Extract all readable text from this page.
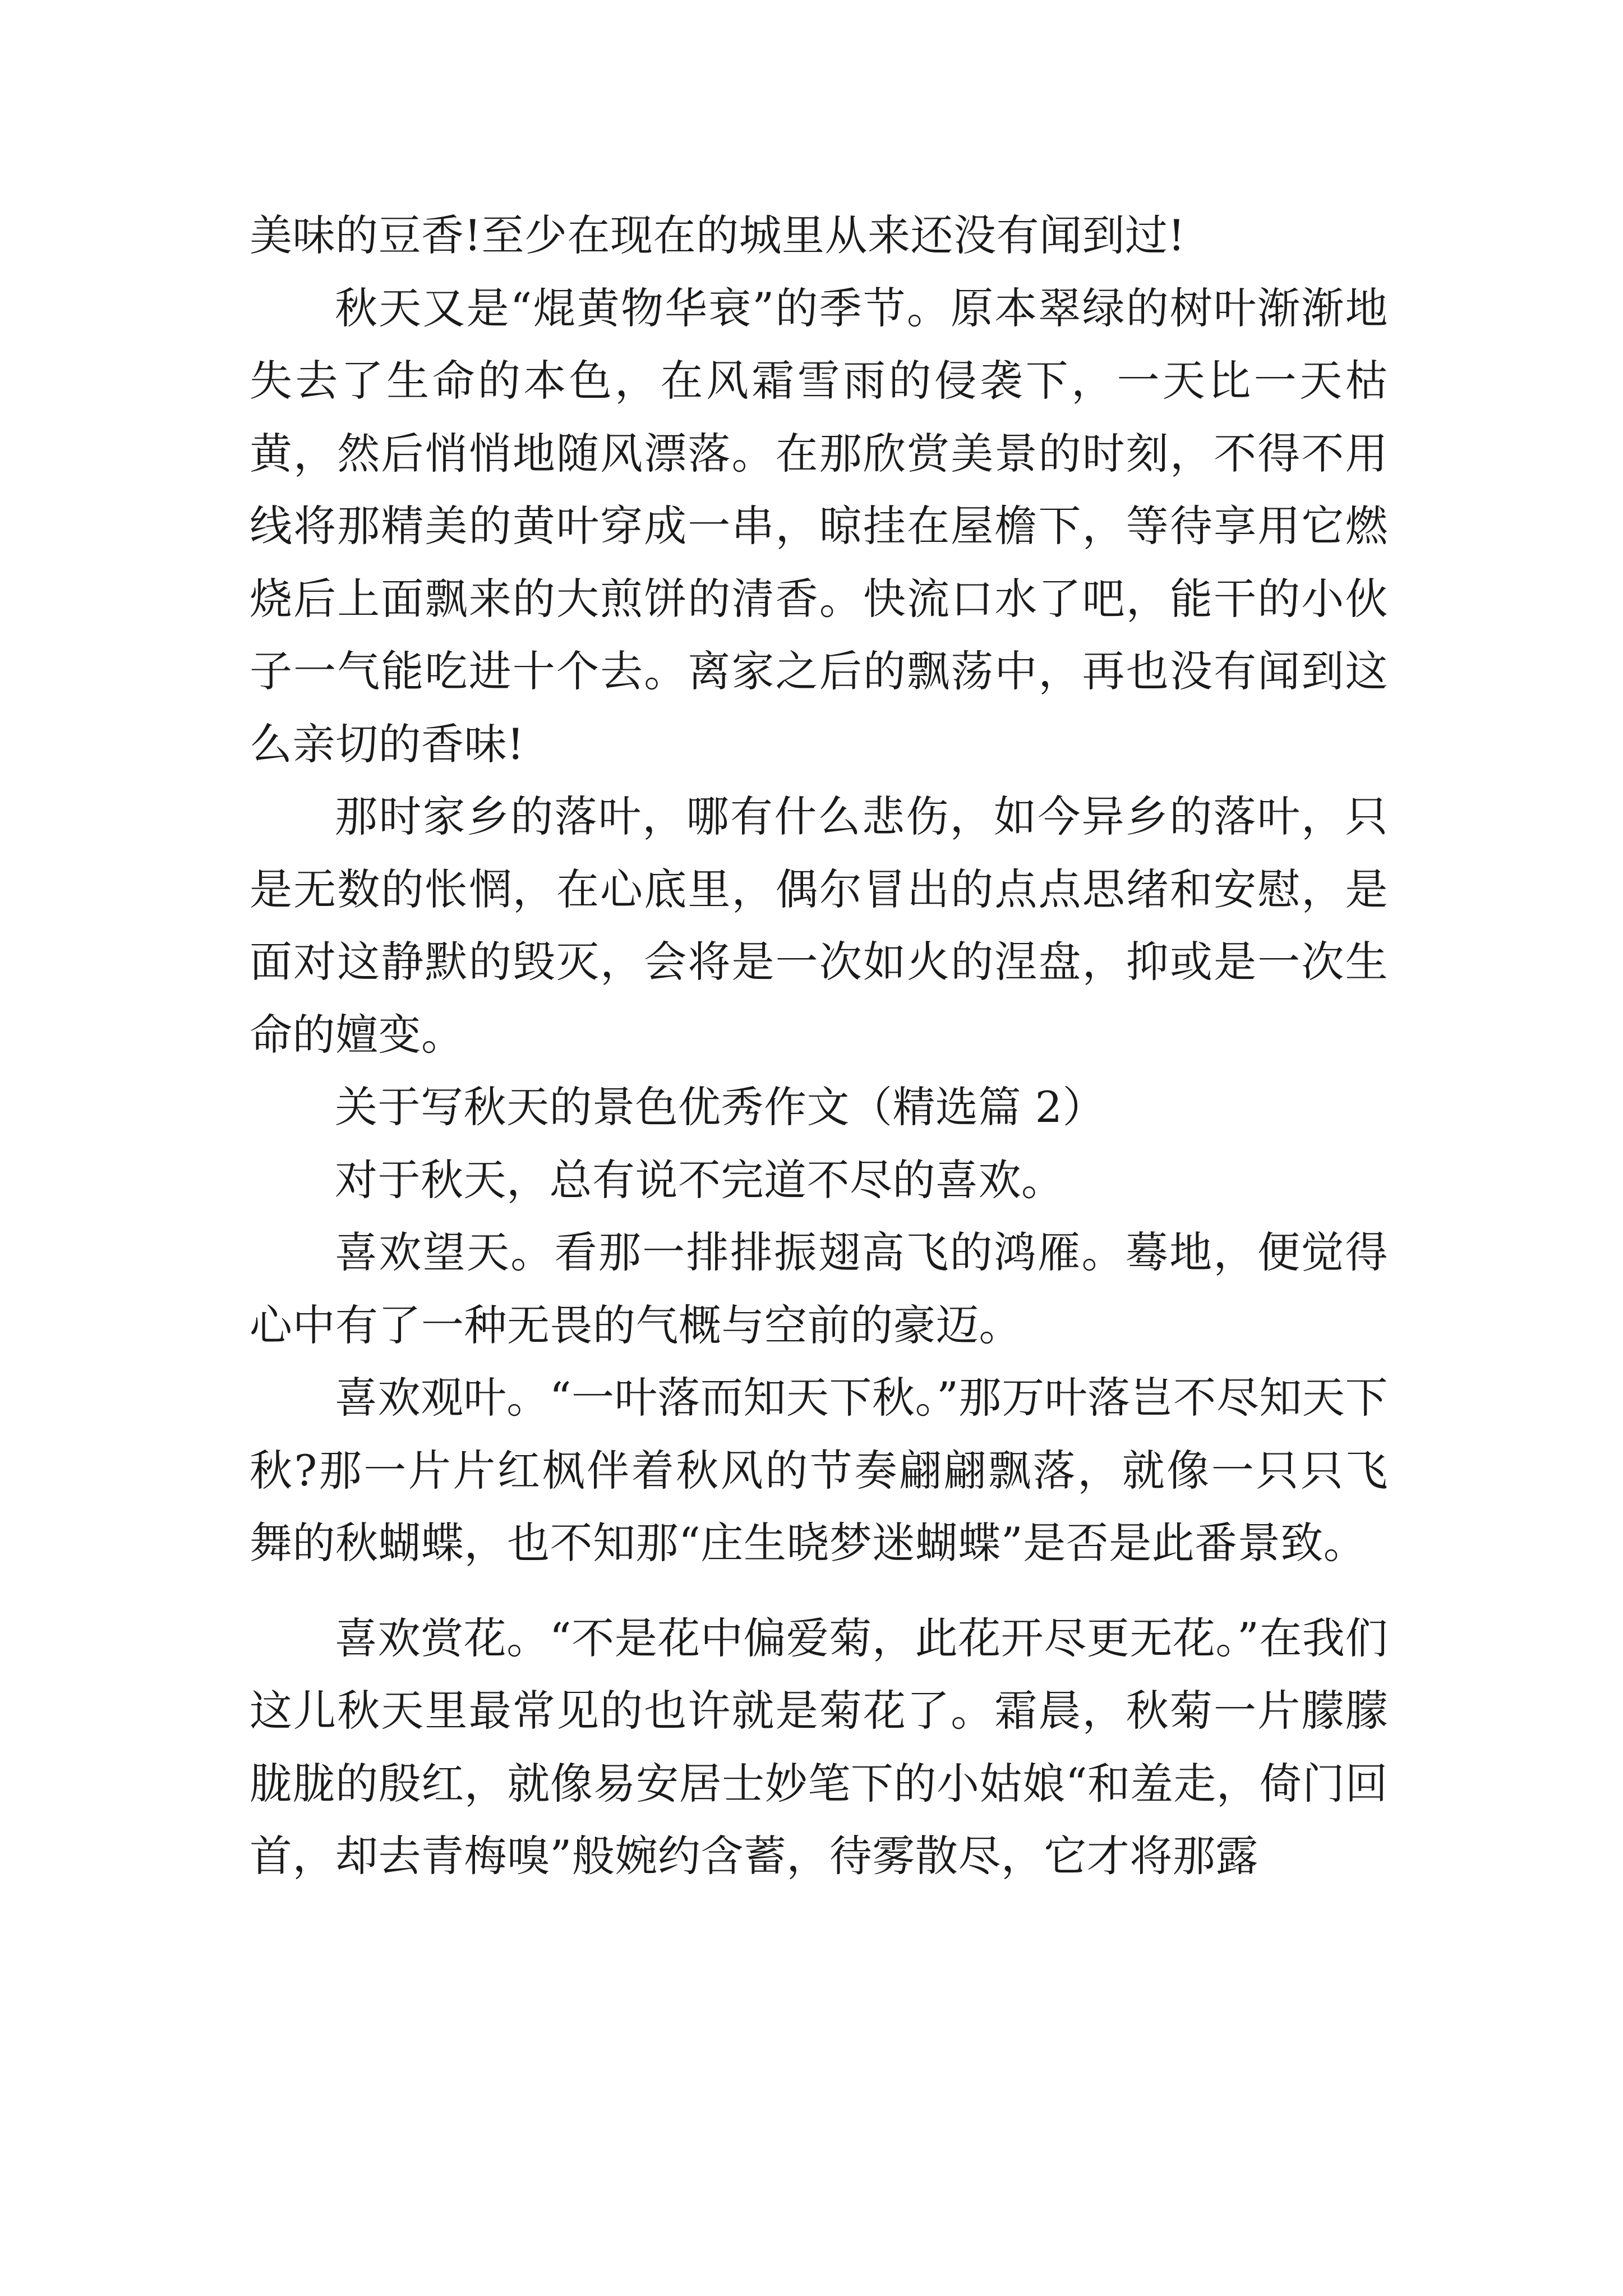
美味的豆香!至少在现在的城里从来还没有闻到过!

秋天又是“焜黄物华衰”的季节。原本翠绿的树叶渐渐地失去了生命的本色，在风霜雪雨的侵袭下，一天比一天枯黄，然后悄悄地随风漂落。在那欣赏美景的时刻，不得不用线将那精美的黄叶穿成一串，晾挂在屋檐下，等待享用它燃烧后上面飘来的大煎饼的清香。快流口水了吧，能干的小伙子一气能吃进十个去。离家之后的飘荡中，再也没有闻到这么亲切的香味!

那时家乡的落叶，哪有什么悲伤，如今异乡的落叶，只是无数的怅惘，在心底里，偶尔冒出的点点思绪和安慰，是面对这静默的毁灭，会将是一次如火的涅盘，抑或是一次生命的嬗变。

关于写秋天的景色优秀作文（精选篇 2）

对于秋天，总有说不完道不尽的喜欢。

喜欢望天。看那一排排振翅高飞的鸿雁。蓦地，便觉得心中有了一种无畏的气概与空前的豪迈。

喜欢观叶。“一叶落而知天下秋。”那万叶落岂不尽知天下秋?那一片片红枫伴着秋风的节奏翩翩飘落，就像一只只飞舞的秋蝴蝶，也不知那“庄生晓梦迷蝴蝶”是否是此番景致。

喜欢赏花。“不是花中偏爱菊，此花开尽更无花。”在我们这儿秋天里最常见的也许就是菊花了。霜晨，秋菊一片朦朦胧胧的殷红，就像易安居士妙笔下的小姑娘“和羞走，倚门回首，却去青梅嗅”般婉约含蓄，待雾散尽，它才将那露
